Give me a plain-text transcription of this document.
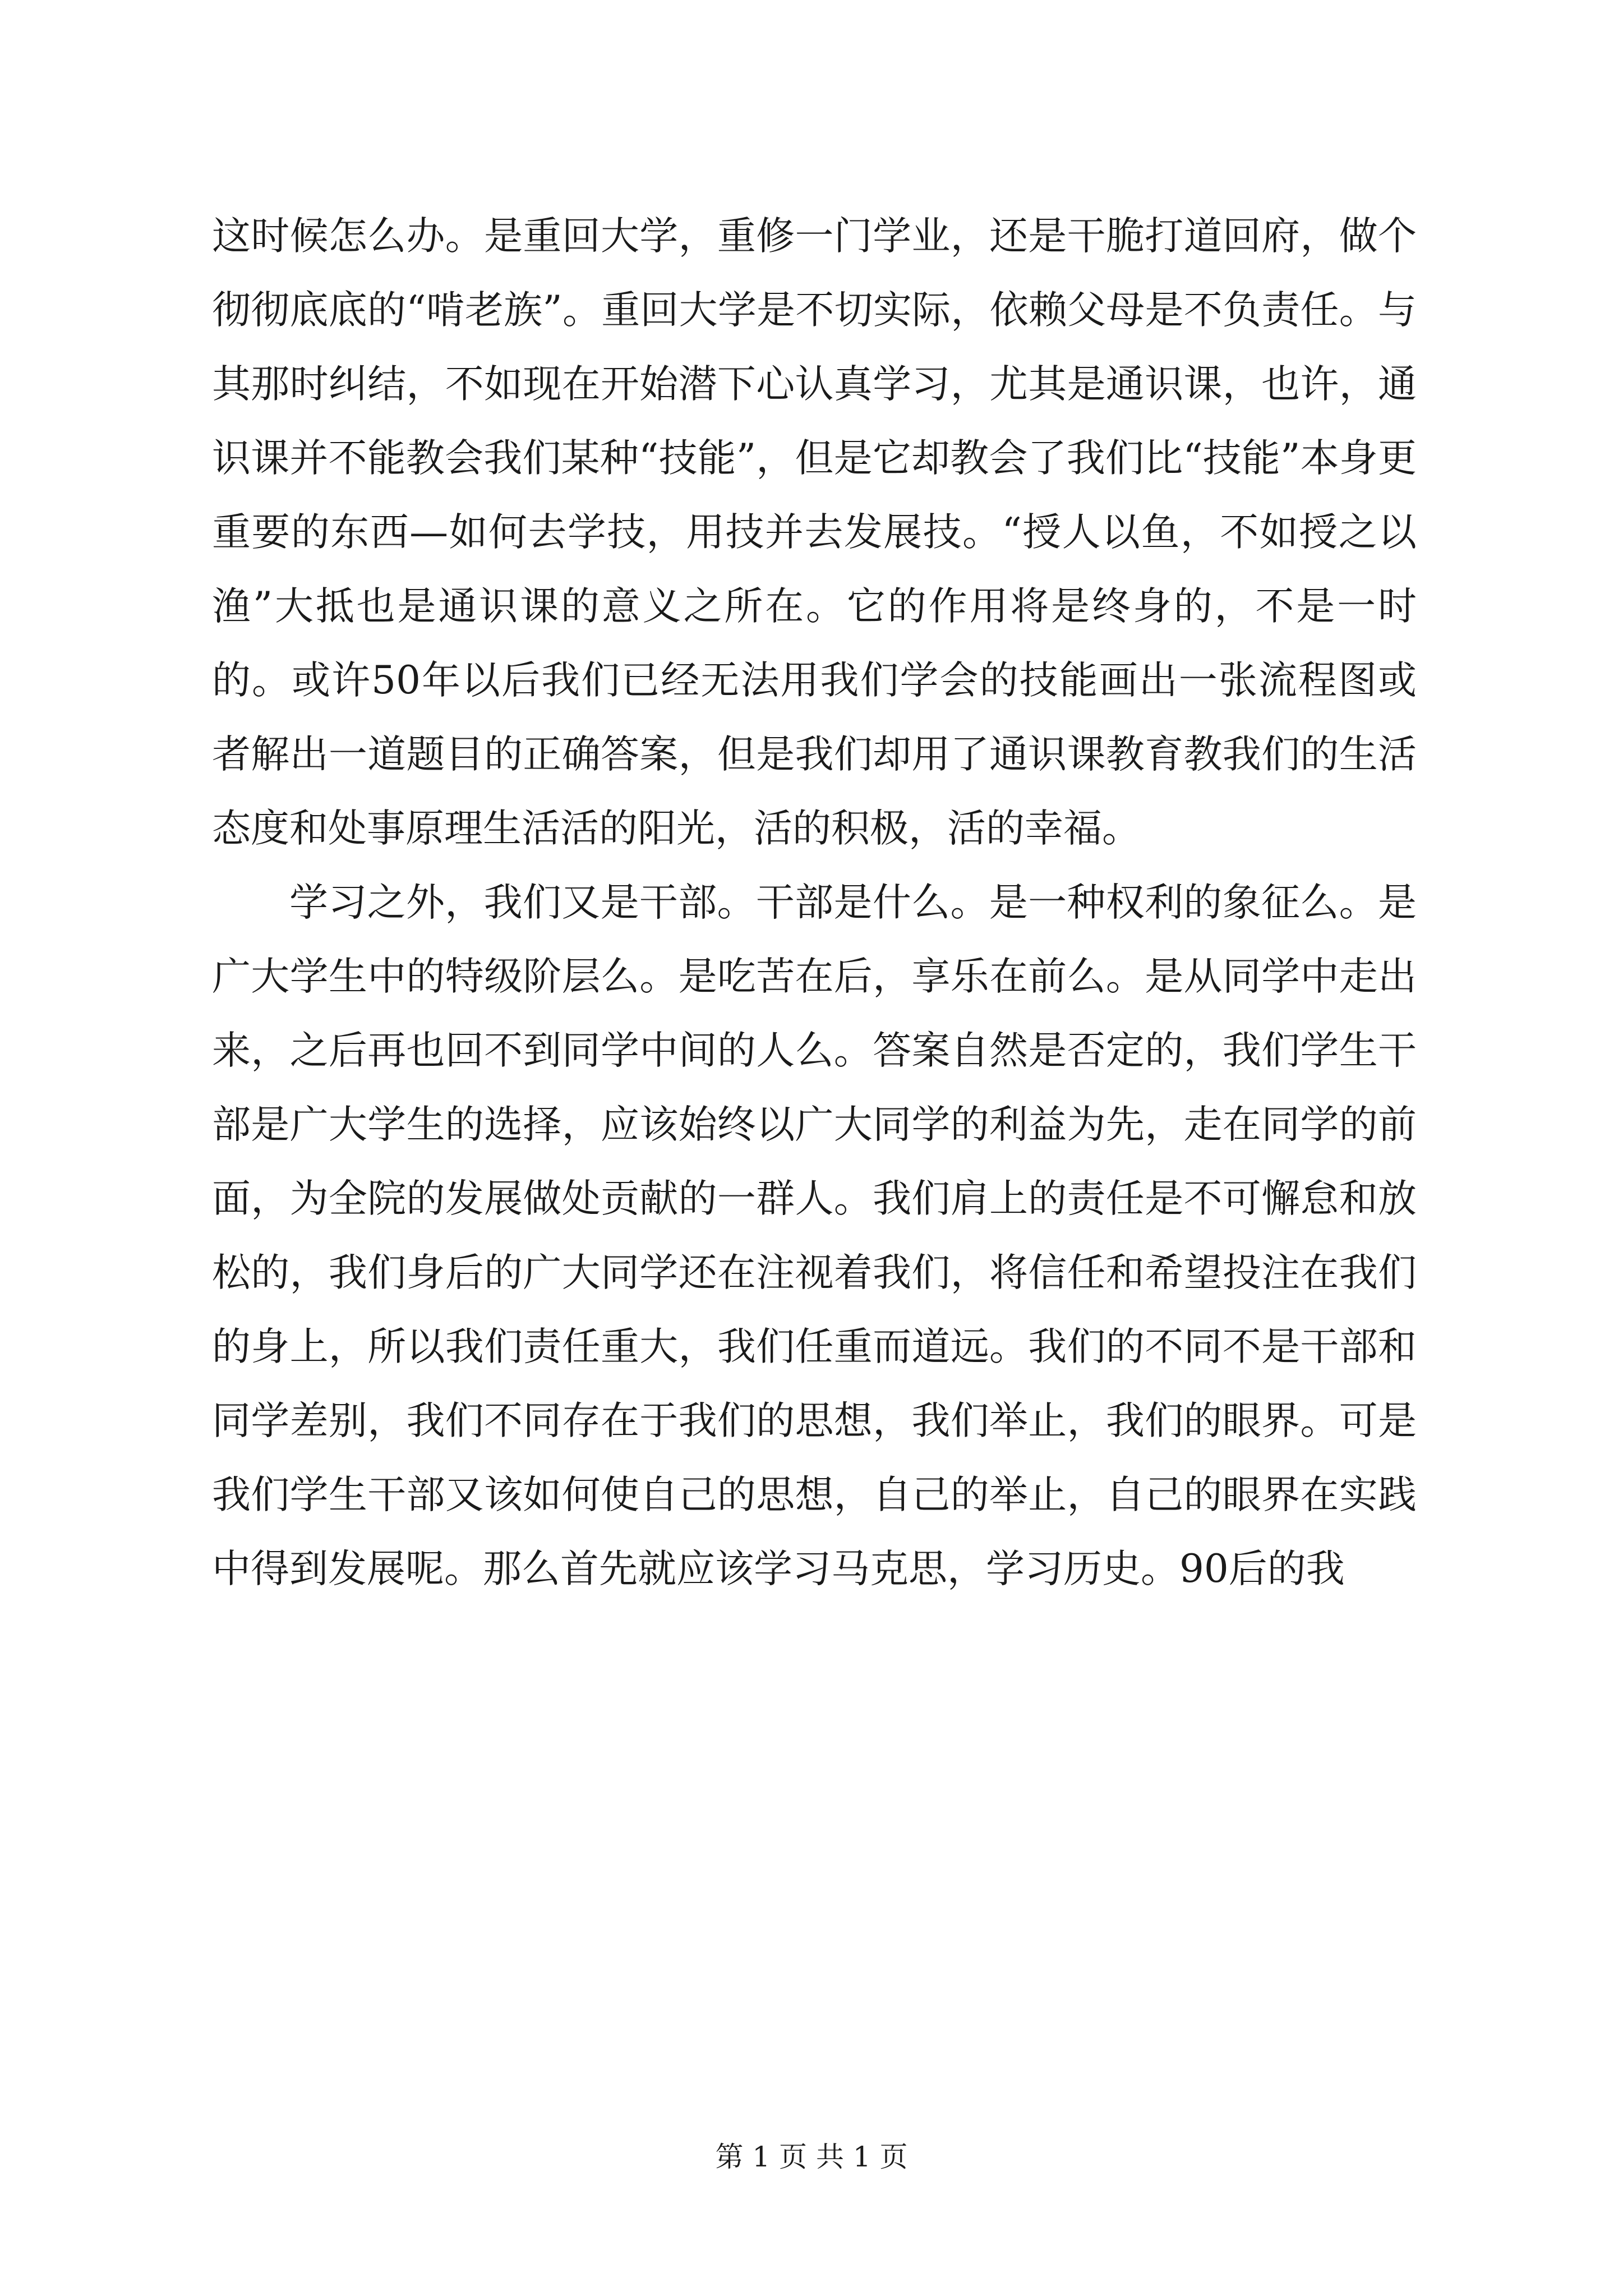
这时候怎么办。是重回大学，重修一门学业，还是干脆打道回府，做个彻彻底底的“啃老族”。重回大学是不切实际，依赖父母是不负责任。与其那时纠结，不如现在开始潜下心认真学习，尤其是通识课，也许，通识课并不能教会我们某种“技能”，但是它却教会了我们比“技能”本身更重要的东西—如何去学技，用技并去发展技。“授人以鱼，不如授之以渔”大抵也是通识课的意义之所在。它的作用将是终身的，不是一时的。或许50年以后我们已经无法用我们学会的技能画出一张流程图或者解出一道题目的正确答案，但是我们却用了通识课教育教我们的生活态度和处事原理生活活的阳光，活的积极，活的幸福。

学习之外，我们又是干部。干部是什么。是一种权利的象征么。是广大学生中的特级阶层么。是吃苦在后，享乐在前么。是从同学中走出来，之后再也回不到同学中间的人么。答案自然是否定的，我们学生干部是广大学生的选择，应该始终以广大同学的利益为先，走在同学的前面，为全院的发展做处贡献的一群人。我们肩上的责任是不可懈怠和放松的，我们身后的广大同学还在注视着我们，将信任和希望投注在我们的身上，所以我们责任重大，我们任重而道远。我们的不同不是干部和同学差别，我们不同存在于我们的思想，我们举止，我们的眼界。可是我们学生干部又该如何使自己的思想，自己的举止，自己的眼界在实践中得到发展呢。那么首先就应该学习马克思，学习历史。90后的我

第 1 页 共 1 页
